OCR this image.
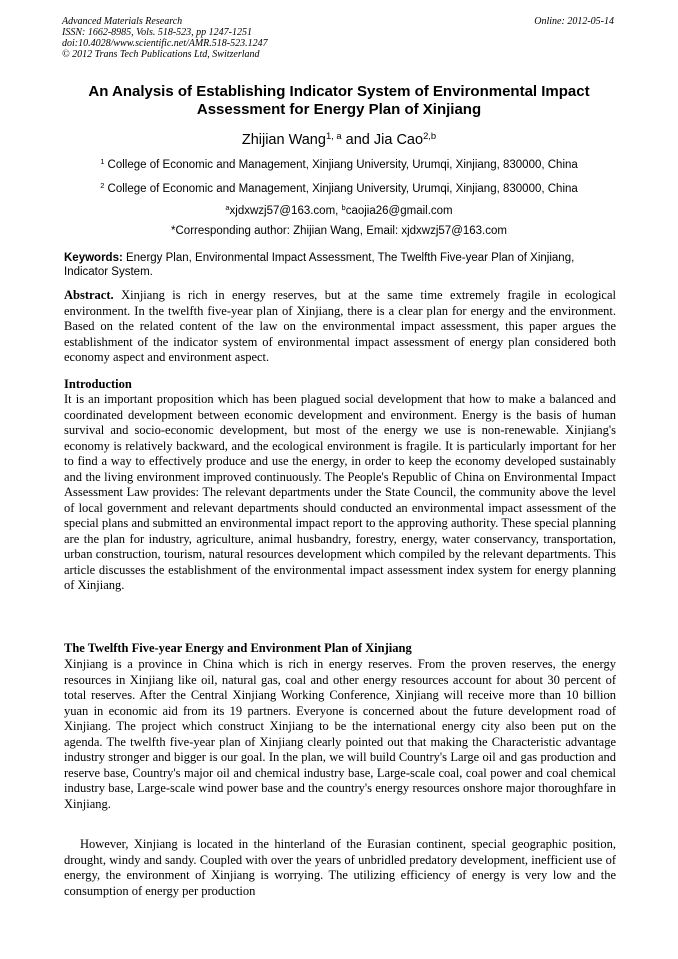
Advanced Materials Research
ISSN: 1662-8985, Vols. 518-523, pp 1247-1251
doi:10.4028/www.scientific.net/AMR.518-523.1247
© 2012 Trans Tech Publications Ltd, Switzerland
Online: 2012-05-14
An Analysis of Establishing Indicator System of Environmental Impact Assessment for Energy Plan of Xinjiang
Zhijian Wang$^{1, a}$ and Jia Cao$^{2,b}$
$^1$ College of Economic and Management, Xinjiang University, Urumqi, Xinjiang, 830000, China
$^2$ College of Economic and Management, Xinjiang University, Urumqi, Xinjiang, 830000, China
$^a$xjdxwzj57@163.com, $^b$caojia26@gmail.com
*Corresponding author: Zhijian Wang, Email: xjdxwzj57@163.com
Keywords: Energy Plan, Environmental Impact Assessment, The Twelfth Five-year Plan of Xinjiang, Indicator System.

Abstract. Xinjiang is rich in energy reserves, but at the same time extremely fragile in ecological environment. In the twelfth five-year plan of Xinjiang, there is a clear plan for energy and the environment. Based on the related content of the law on the environmental impact assessment, this paper argues the establishment of the indicator system of environmental impact assessment of energy plan considered both economy aspect and environment aspect.

Introduction

It is an important proposition which has been plagued social development that how to make a balanced and coordinated development between economic development and environment. Energy is the basis of human survival and socio-economic development, but most of the energy we use is non-renewable. Xinjiang's economy is relatively backward, and the ecological environment is fragile. It is particularly important for her to find a way to effectively produce and use the energy, in order to keep the economy developed sustainably and the living environment improved continuously. The People's Republic of China on Environmental Impact Assessment Law provides: The relevant departments under the State Council, the community above the level of local government and relevant departments should conducted an environmental impact assessment of the special plans and submitted an environmental impact report to the approving authority. These special planning are the plan for industry, agriculture, animal husbandry, forestry, energy, water conservancy, transportation, urban construction, tourism, natural resources development which compiled by the relevant departments. This article discusses the establishment of the environmental impact assessment index system for energy planning of Xinjiang.

The Twelfth Five-year Energy and Environment Plan of Xinjiang

Xinjiang is a province in China which is rich in energy reserves. From the proven reserves, the energy resources in Xinjiang like oil, natural gas, coal and other energy resources account for about 30 percent of total reserves. After the Central Xinjiang Working Conference, Xinjiang will receive more than 10 billion yuan in economic aid from its 19 partners. Everyone is concerned about the future development road of Xinjiang. The project which construct Xinjiang to be the international energy city also been put on the agenda. The twelfth five-year plan of Xinjiang clearly pointed out that making the Characteristic advantage industry stronger and bigger is our goal. In the plan, we will build Country's Large oil and gas production and reserve base, Country's major oil and chemical industry base, Large-scale coal, coal power and coal chemical industry base, Large-scale wind power base and the country's energy resources onshore major thoroughfare in Xinjiang.

However, Xinjiang is located in the hinterland of the Eurasian continent, special geographic position, drought, windy and sandy. Coupled with over the years of unbridled predatory development, inefficient use of energy, the environment of Xinjiang is worrying. The utilizing efficiency of energy is very low and the consumption of energy per production
